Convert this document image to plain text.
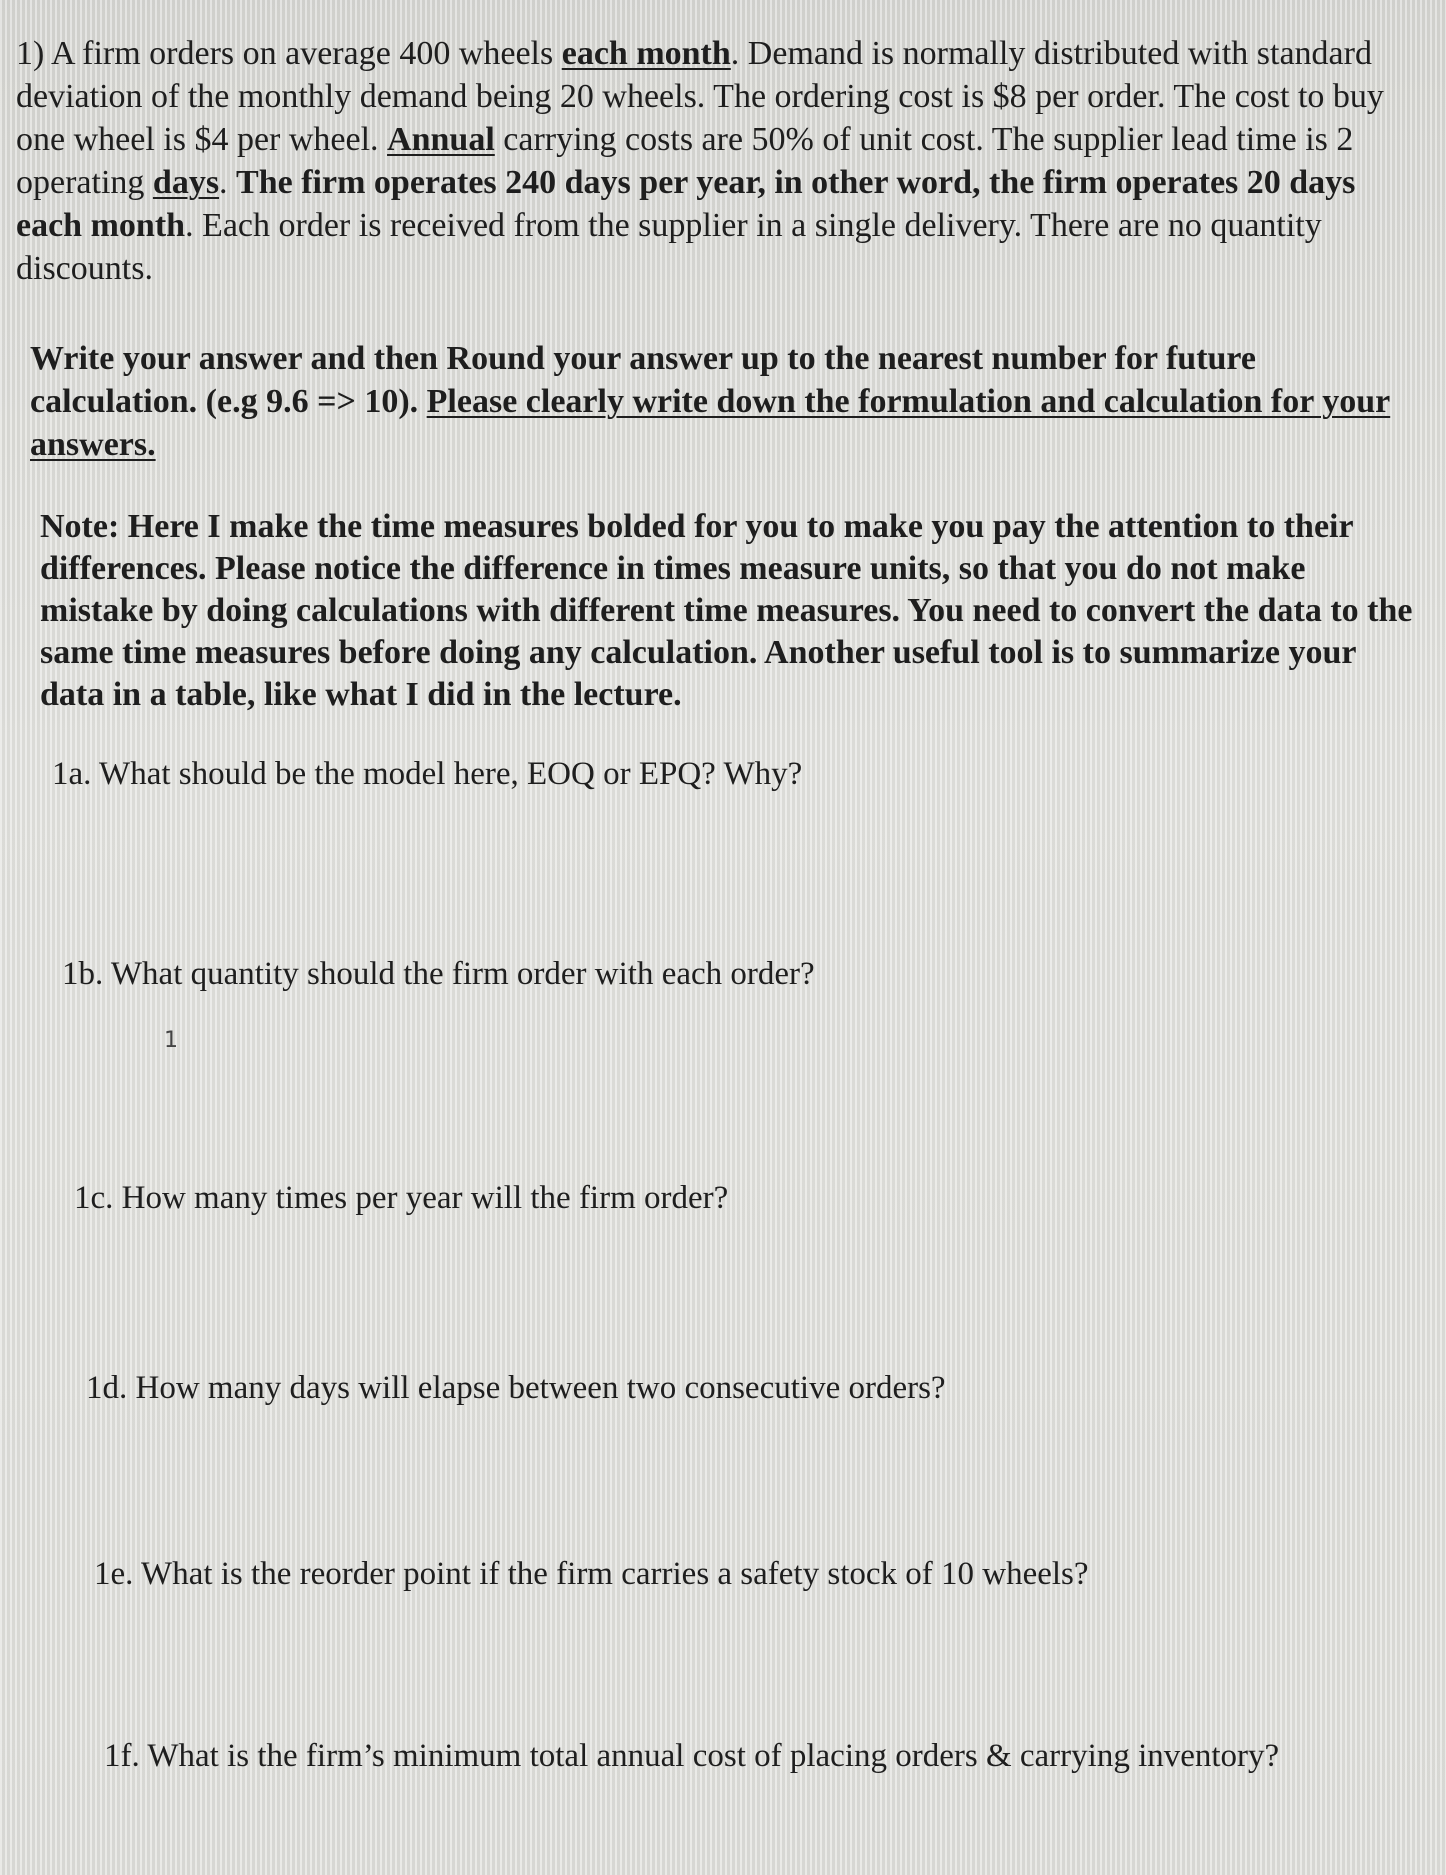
1) A firm orders on average 400 wheels each month. Demand is normally distributed with standard deviation of the monthly demand being 20 wheels. The ordering cost is $8 per order. The cost to buy one wheel is $4 per wheel. Annual carrying costs are 50% of unit cost. The supplier lead time is 2 operating days. The firm operates 240 days per year, in other word, the firm operates 20 days each month. Each order is received from the supplier in a single delivery. There are no quantity discounts.

Write your answer and then Round your answer up to the nearest number for future calculation. (e.g 9.6 => 10). Please clearly write down the formulation and calculation for your answers.

Note: Here I make the time measures bolded for you to make you pay the attention to their differences. Please notice the difference in times measure units, so that you do not make mistake by doing calculations with different time measures. You need to convert the data to the same time measures before doing any calculation. Another useful tool is to summarize your data in a table, like what I did in the lecture.

1a. What should be the model here, EOQ or EPQ? Why?

1b. What quantity should the firm order with each order?

1

1c. How many times per year will the firm order?

1d. How many days will elapse between two consecutive orders?

1e. What is the reorder point if the firm carries a safety stock of 10 wheels?

1f. What is the firm’s minimum total annual cost of placing orders & carrying inventory?
